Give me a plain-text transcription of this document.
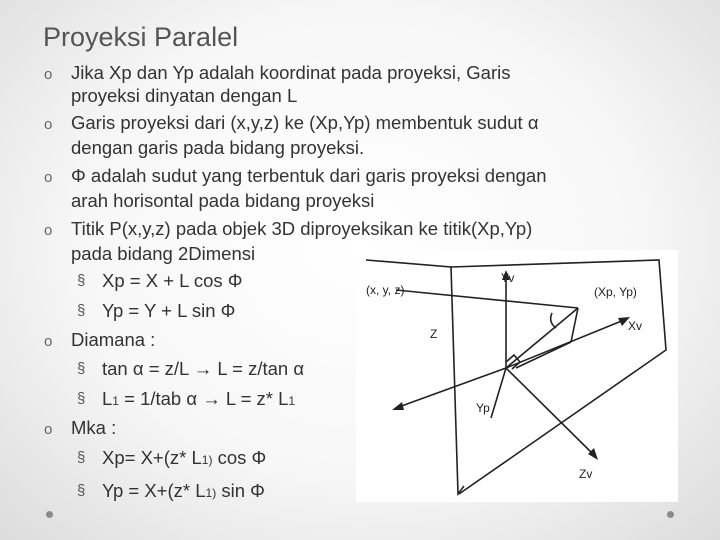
Proyeksi Paralel
o Jika Xp dan Yp adalah koordinat pada proyeksi, Garis
proyeksi dinyatan dengan L
o Garis proyeksi dari (x,y,z) ke (Xp,Yp) membentuk sudut α
dengan garis pada bidang proyeksi.
o Φ adalah sudut yang terbentuk dari garis proyeksi dengan
arah horisontal pada bidang proyeksi
o Titik P(x,y,z) pada objek 3D diproyeksikan ke titik(Xp,Yp)
pada bidang 2Dimensi
§ Xp = X + L cos Φ
§ Yp = Y + L sin Φ
o Diamana :
§ tan α = z/L → L = z/tan α
§ L1 = 1/tab α → L = z* L1
o Mka :
§ Xp= X+(z* L1) cos Φ
§ Yp = X+(z* L1) sin Φ
Yv
(x, y, z)	(Xp, Yp)
Z
Xv
Yp
Zv
